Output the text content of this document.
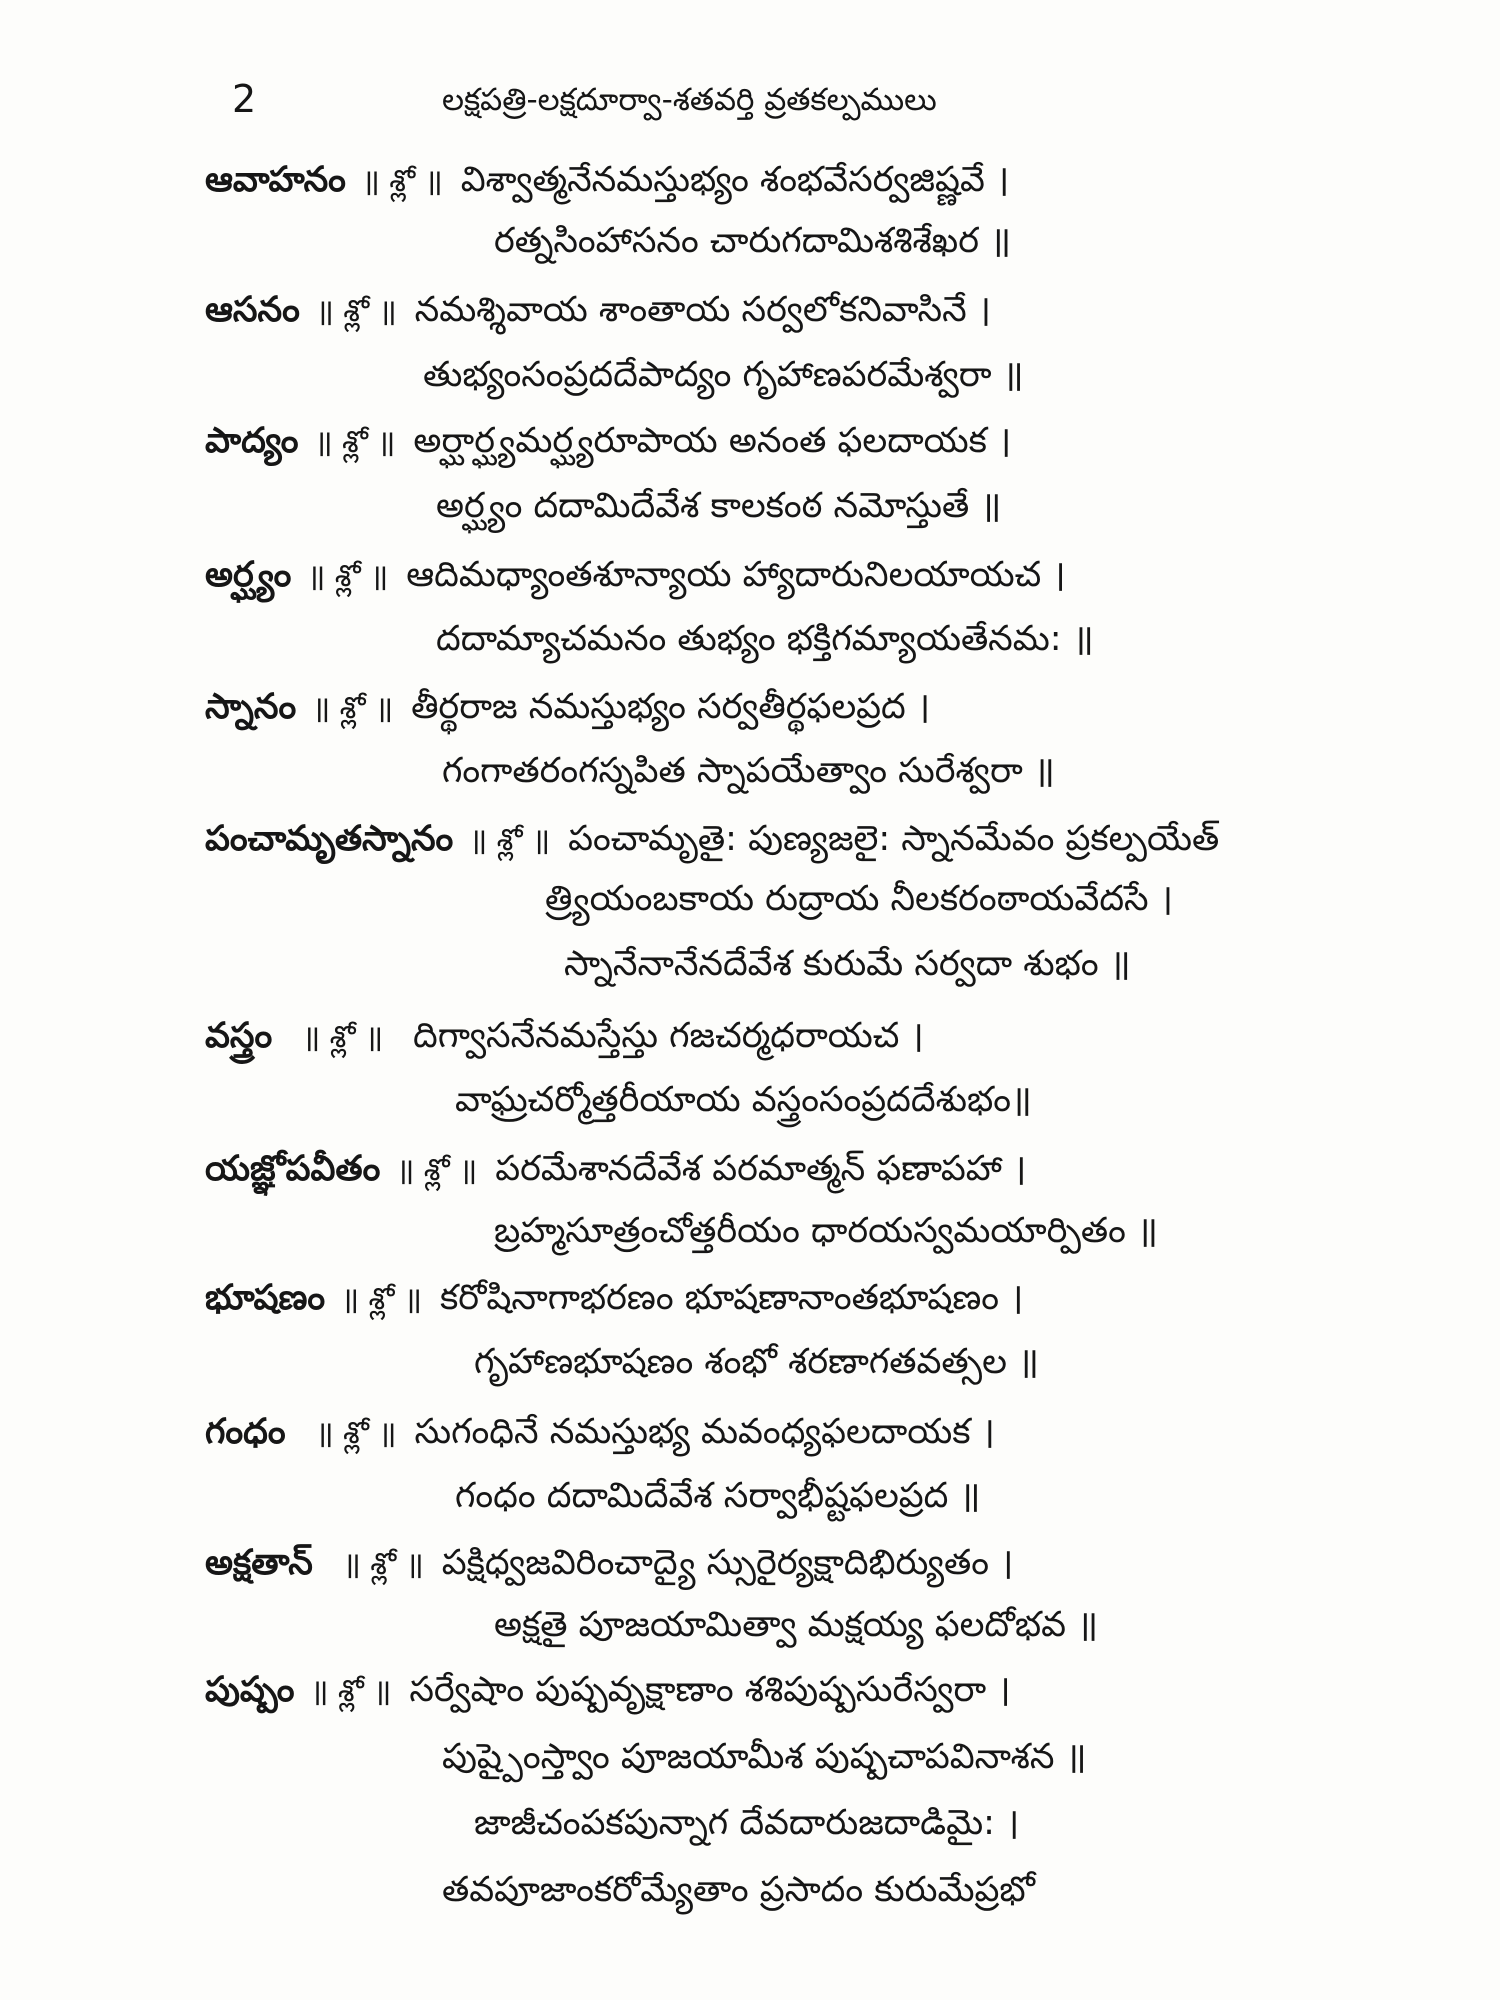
2	లక్షపత్రి-లక్షదూర్వా-శతవర్తి వ్రతకల్పములు
ఆవాహనం ॥ శ్లో ॥ విశ్వాత్మనేనమస్తుభ్యం శంభవేసర్వజిష్ణవే ।
రత్నసింహాసనం చారుగదామిశశిశేఖర ॥
ఆసనం ॥ శ్లో ॥ నమశ్శివాయ శాంతాయ సర్వలోకనివాసినే ।
తుభ్యంసంప్రదదేపాద్యం గృహాణపరమేశ్వరా ॥
పాద్యం ॥ శ్లో ॥ అర్ఘార్ఘ్యమర్ఘ్యరూపాయ అనంత ఫలదాయక ।
అర్ఘ్యం దదామిదేవేశ కాలకంఠ నమోస్తుతే ॥
అర్ఘ్యం ॥ శ్లో ॥ ఆదిమధ్యాంతశూన్యాయ హ్యాదారునిలయాయచ ।
దదామ్యాచమనం తుభ్యం భక్తిగమ్యాయతేనమ: ॥
స్నానం ॥ శ్లో ॥ తీర్థరాజ నమస్తుభ్యం సర్వతీర్థఫలప్రద ।
గంగాతరంగస్నపిత స్నాపయేత్వాం సురేశ్వరా ॥
పంచామృతస్నానం ॥ శ్లో ॥ పంచామృతై: పుణ్యజలై: స్నానమేవం ప్రకల్పయేత్
త్ర్యియంబకాయ రుద్రాయ నీలకరంఠాయవేదసే ।
స్నానేనానేనదేవేశ కురుమే సర్వదా శుభం ॥
వస్త్రం ॥ శ్లో ॥ దిగ్వాసనేనమస్తేస్తు గజచర్మధరాయచ ।
వాఘ్రచర్మోత్తరీయాయ వస్త్రంసంప్రదదేశుభం॥
యజ్ఞోపవీతం ॥ శ్లో ॥ పరమేశానదేవేశ పరమాత్మన్ ఫణాపహా ।
బ్రహ్మసూత్రంచోత్తరీయం ధారయస్వమయార్పితం ॥
భూషణం ॥ శ్లో ॥ కరోషినాగాభరణం భూషణానాంతభూషణం ।
గృహాణభూషణం శంభో శరణాగతవత్సల ॥
గంధం ॥ శ్లో ॥ సుగంధినే నమస్తుభ్య మవంధ్యఫలదాయక ।
గంధం దదామిదేవేశ సర్వాభీష్టఫలప్రద ॥
అక్షతాన్ ॥ శ్లో ॥ పక్షిధ్వజవిరించాద్యై స్సురైర్యక్షాదిభిర్యుతం ।
అక్షతై పూజయామిత్వా మక్షయ్య ఫలదోభవ ॥
పుష్పం ॥ శ్లో ॥ సర్వేషాం పుష్పవృక్షాణాం శశిపుష్పసురేస్వరా ।
పుష్పైంస్త్వాం పూజయామీశ పుష్పచాపవినాశన ॥
జాజీచంపకపున్నాగ దేవదారుజదాడిమై: ।
తవపూజాంకరోమ్యేతాం ప్రసాదం కురుమేప్రభో
